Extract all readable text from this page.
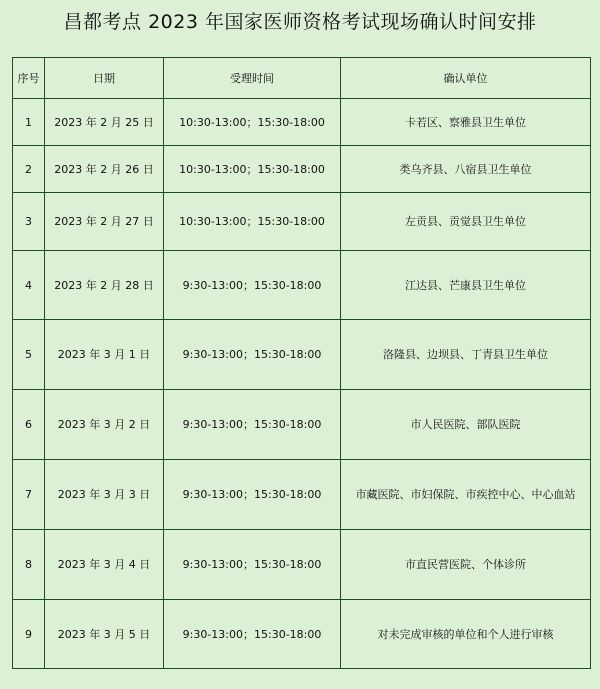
昌都考点 2023 年国家医师资格考试现场确认时间安排
序号	日期	受理时间	确认单位
1	2023 年 2 月 25 日	10:30-13:00；15:30-18:00	卡若区、察雅县卫生单位
2	2023 年 2 月 26 日	10:30-13:00；15:30-18:00	类乌齐县、八宿县卫生单位
3	2023 年 2 月 27 日	10:30-13:00；15:30-18:00	左贡县、贡觉县卫生单位
4	2023 年 2 月 28 日	9:30-13:00；15:30-18:00	江达县、芒康县卫生单位
5	2023 年 3 月 1 日	9:30-13:00；15:30-18:00	洛隆县、边坝县、丁青县卫生单位
6	2023 年 3 月 2 日	9:30-13:00；15:30-18:00	市人民医院、部队医院
7	2023 年 3 月 3 日	9:30-13:00；15:30-18:00	市藏医院、市妇保院、市疾控中心、中心血站
8	2023 年 3 月 4 日	9:30-13:00；15:30-18:00	市直民营医院、个体诊所
9	2023 年 3 月 5 日	9:30-13:00；15:30-18:00	对未完成审核的单位和个人进行审核
